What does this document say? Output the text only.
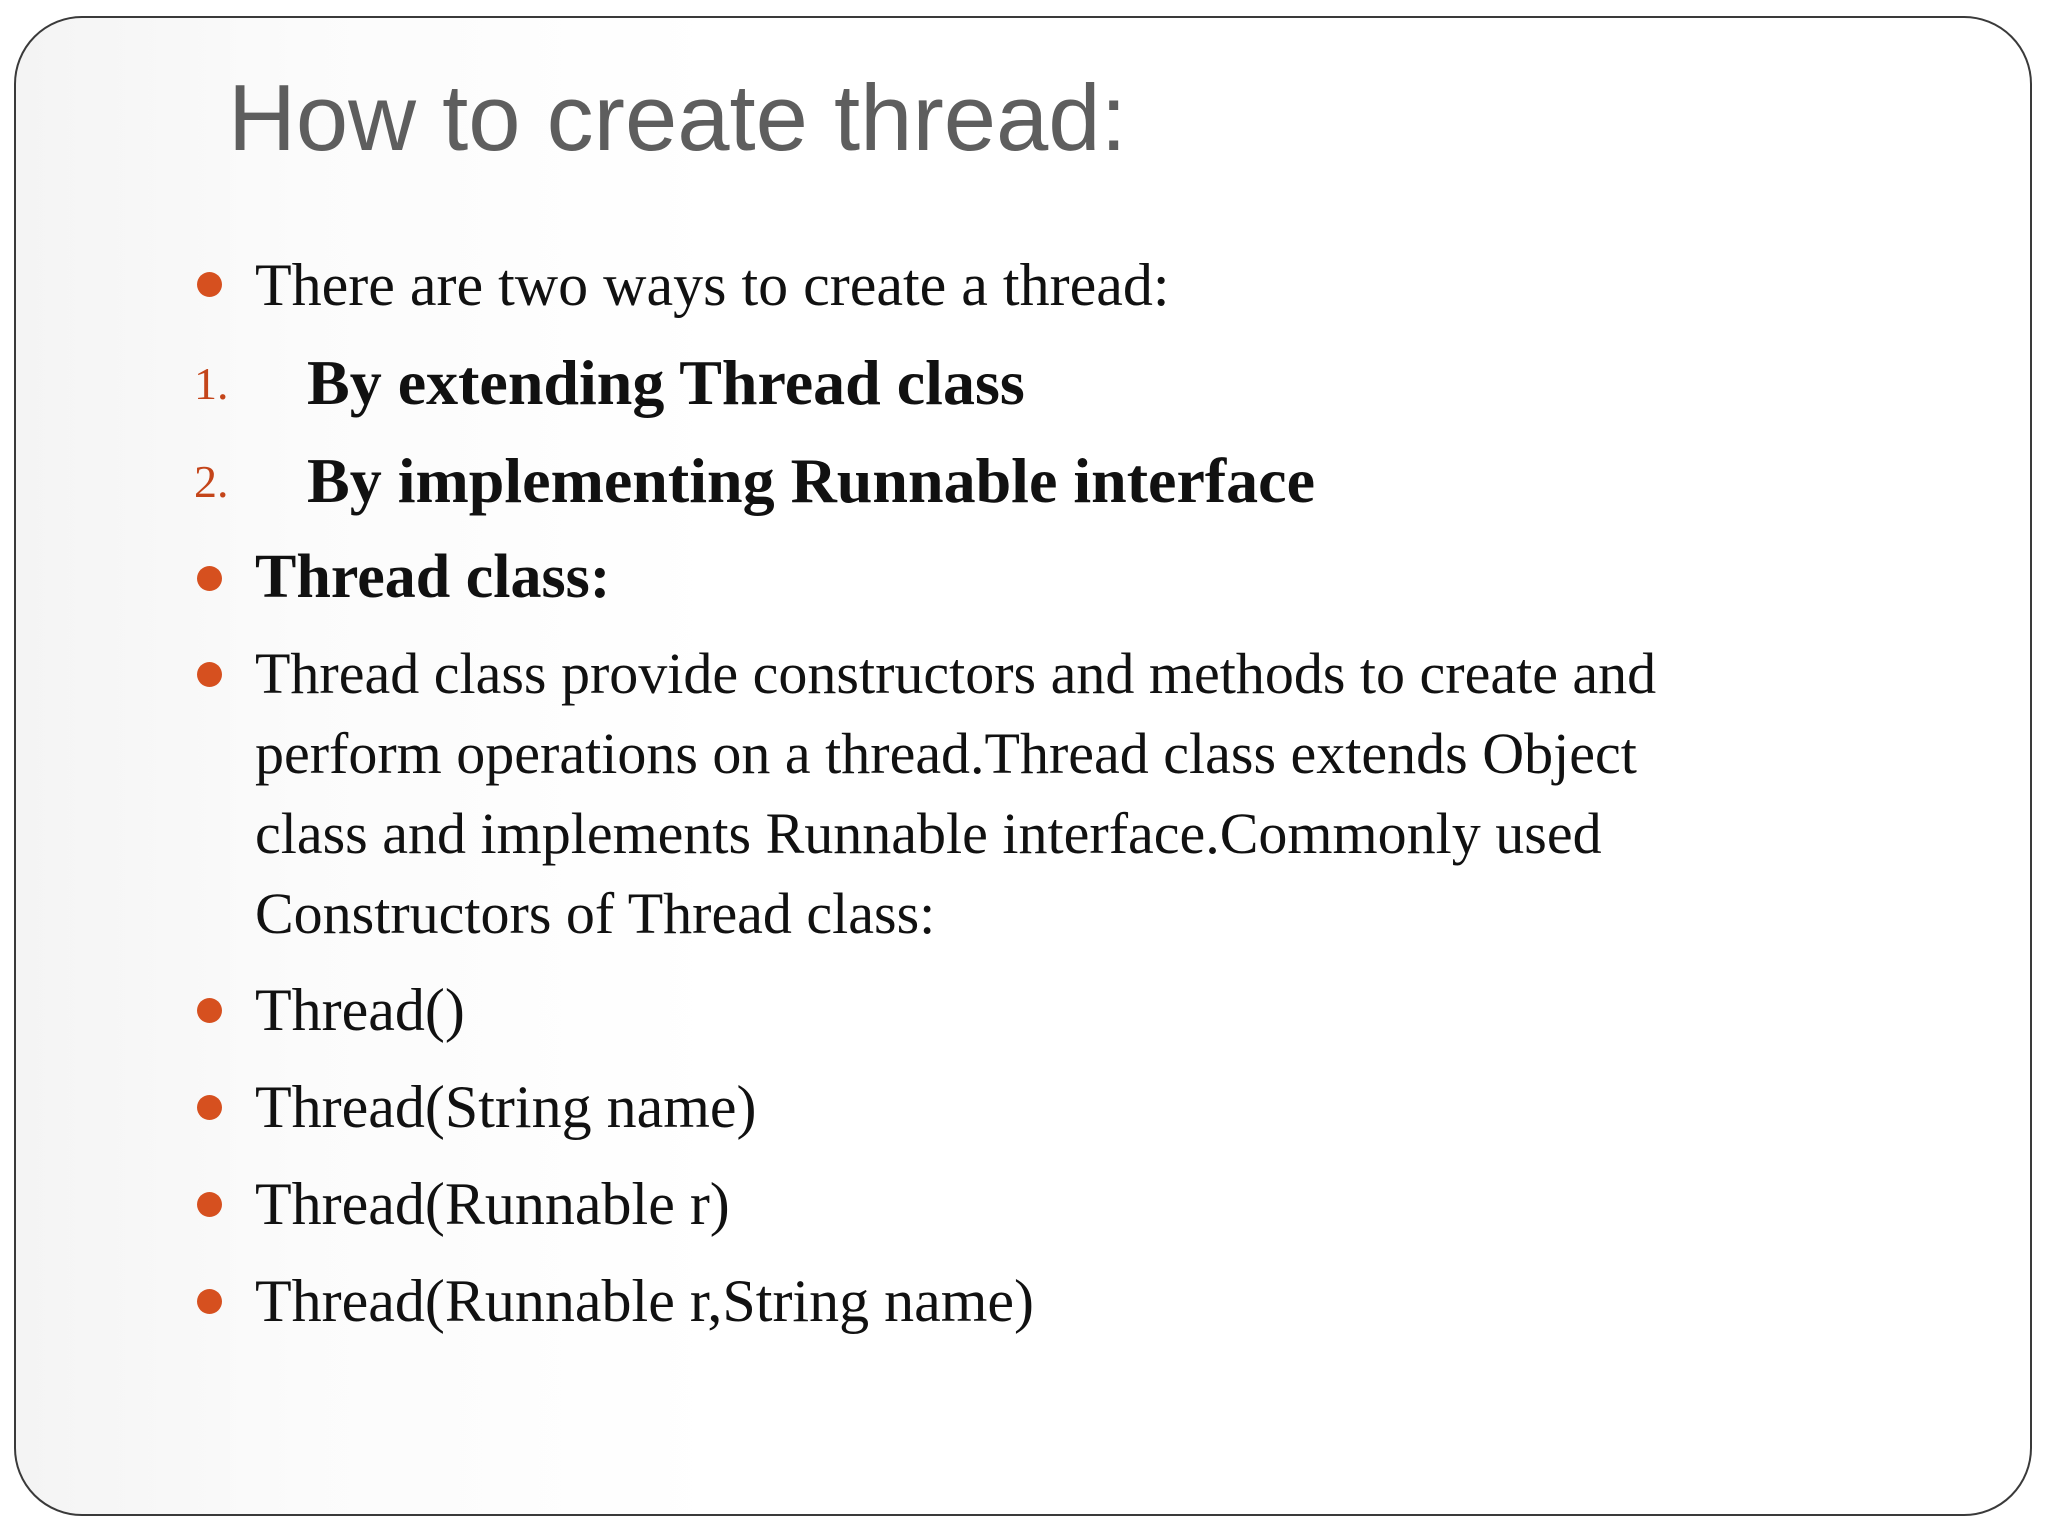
How to create thread:
There are two ways to create a thread:
1. By extending Thread class
2. By implementing Runnable interface
Thread class:
Thread class provide constructors and methods to create and
perform operations on a thread.Thread class extends Object
class and implements Runnable interface.Commonly used
Constructors of Thread class:
Thread()
Thread(String name)
Thread(Runnable r)
Thread(Runnable r,String name)
